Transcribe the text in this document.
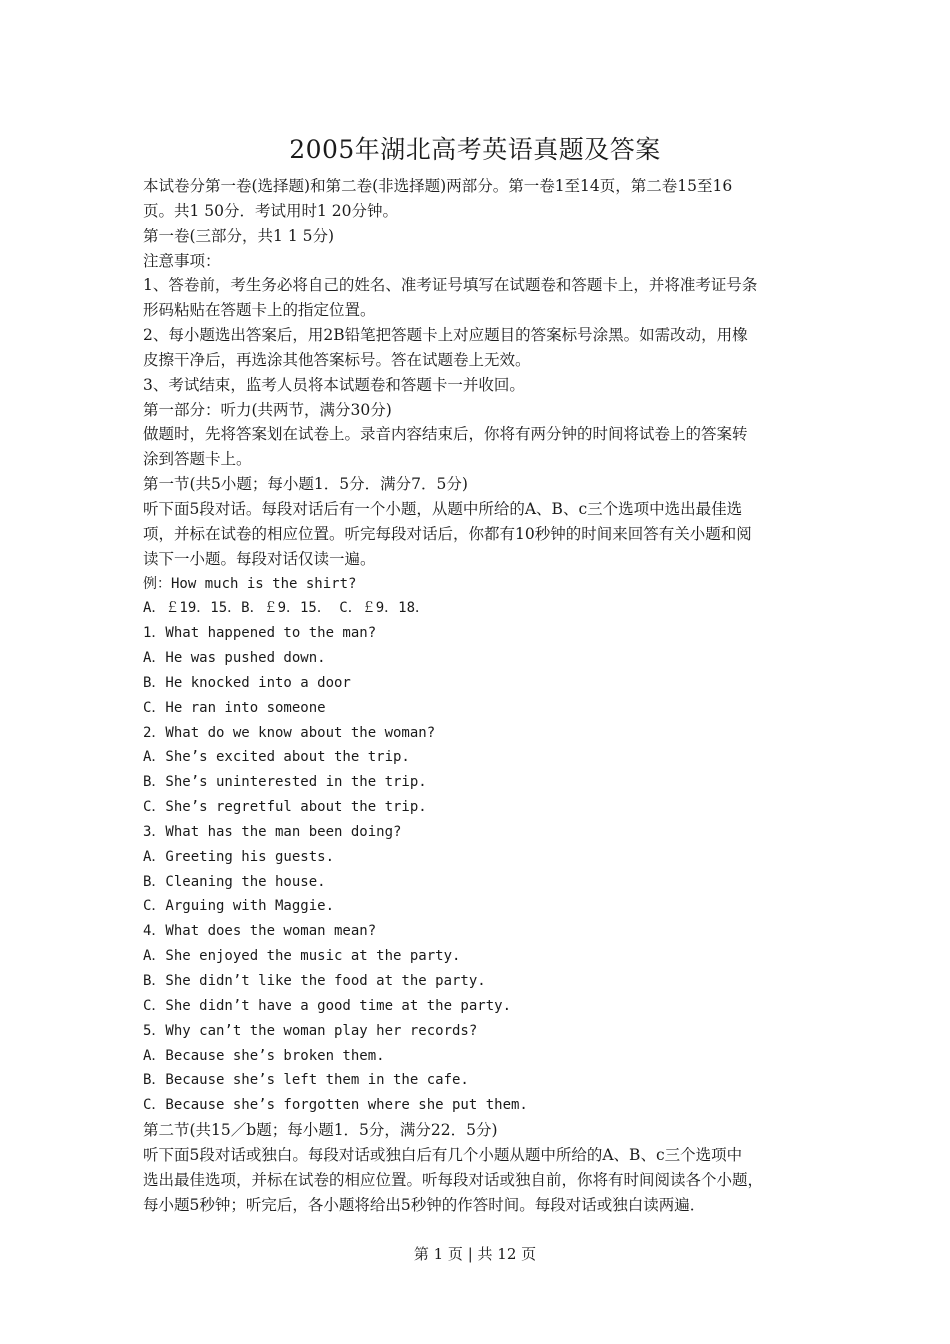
2005年湖北高考英语真题及答案
本试卷分第一卷(选择题)和第二卷(非选择题)两部分。第一卷1至14页，第二卷15至16
页。共1 50分．考试用时1 20分钟。
第一卷(三部分，共1 1 5分)
注意事项：
1、答卷前，考生务必将自己的姓名、准考证号填写在试题卷和答题卡上，并将准考证号条
形码粘贴在答题卡上的指定位置。
2、每小题选出答案后，用2B铅笔把答题卡上对应题目的答案标号涂黑。如需改动，用橡
皮擦干净后，再选涂其他答案标号。答在试题卷上无效。
3、考试结束，监考人员将本试题卷和答题卡一并收回。
第一部分：听力(共两节，满分30分)
做题时，先将答案划在试卷上。录音内容结束后，你将有两分钟的时间将试卷上的答案转
涂到答题卡上。
第一节(共5小题；每小题1．5分．满分7．5分)
听下面5段对话。每段对话后有一个小题，从题中所给的A、B、c三个选项中选出最佳选
项，并标在试卷的相应位置。听完每段对话后，你都有10秒钟的时间来回答有关小题和阅
读下一小题。每段对话仅读一遍。
例：How much is the shirt?
A．￡19．15．B．￡9．15． C．￡9．18．
1．What happened to the man?
A．He was pushed down.
B．He knocked into a door
C．He ran into someone
2．What do we know about the woman?
A．She’s excited about the trip.
B．She’s uninterested in the trip.
C．She’s regretful about the trip.
3．What has the man been doing?
A．Greeting his guests.
B．Cleaning the house.
C．Arguing with Maggie.
4．What does the woman mean?
A．She enjoyed the music at the party.
B．She didn’t like the food at the party.
C．She didn’t have a good time at the party.
5．Why can’t the woman play her records?
A．Because she’s broken them.
B．Because she’s left them in the cafe.
C．Because she’s forgotten where she put them.
第二节(共15／b题；每小题1．5分，满分22．5分)
听下面5段对话或独白。每段对话或独白后有几个小题从题中所给的A、B、c三个选项中
选出最佳选项，并标在试卷的相应位置。听每段对话或独自前，你将有时间阅读各个小题，
每小题5秒钟；听完后，各小题将给出5秒钟的作答时间。每段对话或独白读两遍．
第 1 页 | 共 12 页
